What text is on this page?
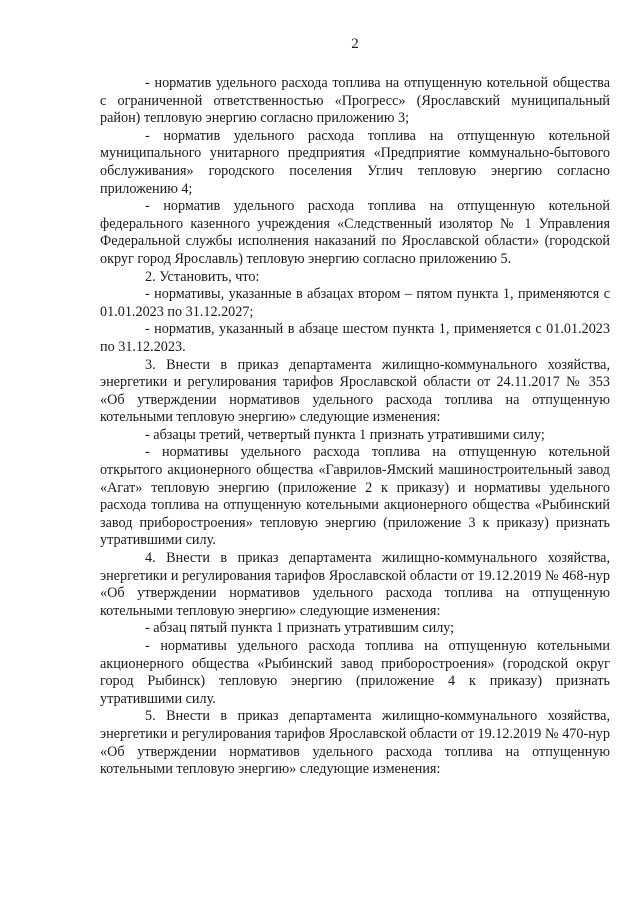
2

- норматив удельного расхода топлива на отпущенную котельной общества с ограниченной ответственностью «Прогресс» (Ярославский муниципальный район) тепловую энергию согласно приложению 3;

- норматив удельного расхода топлива на отпущенную котельной муниципального унитарного предприятия «Предприятие коммунально-бытового обслуживания» городского поселения Углич тепловую энергию согласно приложению 4;

- норматив удельного расхода топлива на отпущенную котельной федерального казенного учреждения «Следственный изолятор № 1 Управления Федеральной службы исполнения наказаний по Ярославской области» (городской округ город Ярославль) тепловую энергию согласно приложению 5.

2. Установить, что:

- нормативы, указанные в абзацах втором – пятом пункта 1, применяются с 01.01.2023 по 31.12.2027;

- норматив, указанный в абзаце шестом пункта 1, применяется с 01.01.2023 по 31.12.2023.

3. Внести в приказ департамента жилищно-коммунального хозяйства, энергетики и регулирования тарифов Ярославской области от 24.11.2017 № 353 «Об утверждении нормативов удельного расхода топлива на отпущенную котельными тепловую энергию» следующие изменения:

- абзацы третий, четвертый пункта 1 признать утратившими силу;

- нормативы удельного расхода топлива на отпущенную котельной открытого акционерного общества «Гаврилов-Ямский машиностроительный завод «Агат» тепловую энергию (приложение 2 к приказу) и нормативы удельного расхода топлива на отпущенную котельными акционерного общества «Рыбинский завод приборостроения» тепловую энергию (приложение 3 к приказу) признать утратившими силу.

4. Внести в приказ департамента жилищно-коммунального хозяйства, энергетики и регулирования тарифов Ярославской области от 19.12.2019 № 468-нур «Об утверждении нормативов удельного расхода топлива на отпущенную котельными тепловую энергию» следующие изменения:

- абзац пятый пункта 1 признать утратившим силу;

- нормативы удельного расхода топлива на отпущенную котельными акционерного общества «Рыбинский завод приборостроения» (городской округ город Рыбинск) тепловую энергию (приложение 4 к приказу) признать утратившими силу.

5. Внести в приказ департамента жилищно-коммунального хозяйства, энергетики и регулирования тарифов Ярославской области от 19.12.2019 № 470-нур «Об утверждении нормативов удельного расхода топлива на отпущенную котельными тепловую энергию» следующие изменения:
